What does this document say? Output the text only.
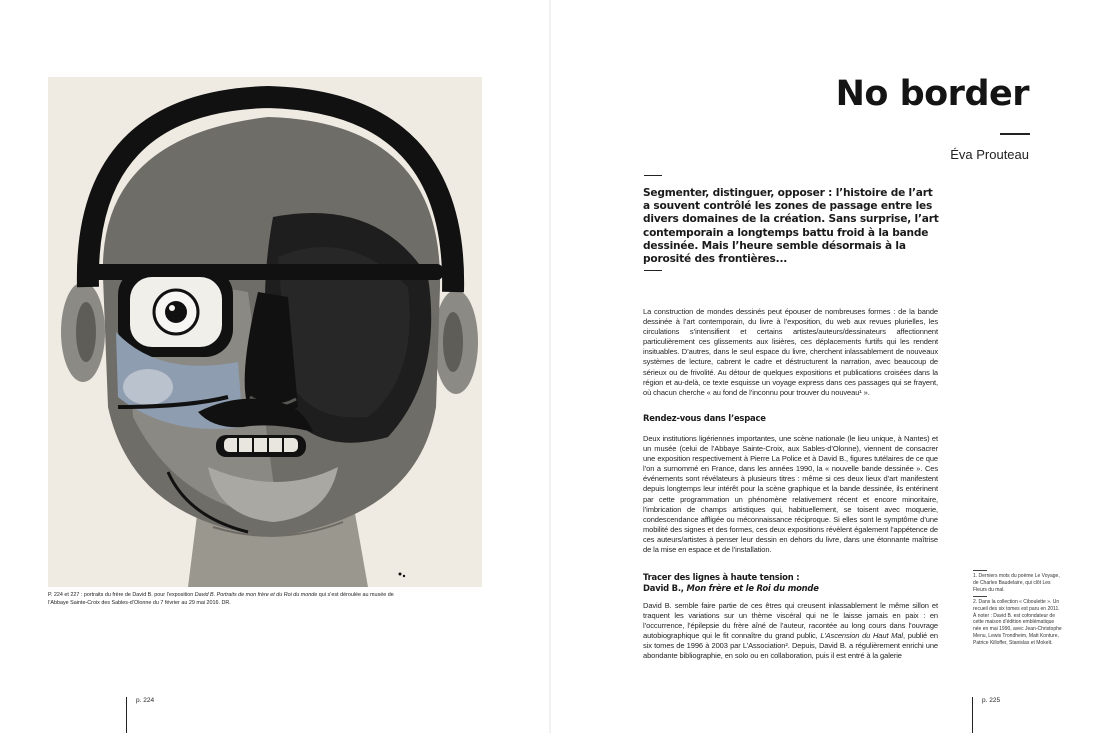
P. 224 et 227 : portraits du frère de David B. pour l’exposition David B. Portraits de mon frère et du Roi du monde qui s’est déroulée au musée de l’Abbaye Sainte-Croix des Sables-d’Olonne du 7 février au 29 mai 2016. DR.
p. 224
No border
Éva Prouteau
Segmenter, distinguer, opposer : l’histoire de l’art a souvent contrôlé les zones de passage entre les divers domaines de la création. Sans surprise, l’art contemporain a longtemps battu froid à la bande dessinée. Mais l’heure semble désormais à la porosité des frontières...
La construction de mondes dessinés peut épouser de nombreuses formes : de la bande dessinée à l’art contemporain, du livre à l’exposition, du web aux revues plurielles, les circulations s’intensifient et certains artistes/auteurs/dessinateurs affectionnent particulièrement ces glissements aux lisières, ces déplacements furtifs qui les rendent insituables. D’autres, dans le seul espace du livre, cherchent inlassablement de nouveaux systèmes de lecture, cabrent le cadre et déstructurent la narration, avec beaucoup de sérieux ou de frivolité. Au détour de quelques expositions et publications croisées dans la région et au-delà, ce texte esquisse un voyage express dans ces passages qui se frayent, où chacun cherche « au fond de l’inconnu pour trouver du nouveau¹ ».
Rendez-vous dans l’espace
Deux institutions ligériennes importantes, une scène nationale (le lieu unique, à Nantes) et un musée (celui de l’Abbaye Sainte-Croix, aux Sables-d’Olonne), viennent de consacrer une exposition respectivement à Pierre La Police et à David B., figures tutélaires de ce que l’on a surnommé en France, dans les années 1990, la « nouvelle bande dessinée ». Ces événements sont révélateurs à plusieurs titres : même si ces deux lieux d’art manifestent depuis longtemps leur intérêt pour la scène graphique et la bande dessinée, ils entérinent par cette programmation un phénomène relativement récent et encore minoritaire, l’imbrication de champs artistiques qui, habituellement, se toisent avec moquerie, condescendance affligée ou méconnaissance réciproque. Si elles sont le symptôme d’une mobilité des signes et des formes, ces deux expositions révèlent également l’appétence de ces auteurs/artistes à penser leur dessin en dehors du livre, dans une étonnante maîtrise de la mise en espace et de l’installation.
Tracer des lignes à haute tension :
David B., Mon frère et le Roi du monde
David B. semble faire partie de ces êtres qui creusent inlassablement le même sillon et traquent les variations sur un thème viscéral qui ne le laisse jamais en paix : en l’occurrence, l’épilepsie du frère aîné de l’auteur, racontée au long cours dans l’ouvrage autobiographique qui le fit connaître du grand public, L’Ascension du Haut Mal, publié en six tomes de 1996 à 2003 par L’Association². Depuis, David B. a régulièrement enrichi une abondante bibliographie, en solo ou en collaboration, puis il est entré à la galerie
1. Derniers mots du poème Le Voyage, de Charles Baudelaire, qui clôt Les Fleurs du mal.
2. Dans la collection « Ciboulette ». Un recueil des six tomes est paru en 2011. À noter : David B. est cofondateur de cette maison d’édition emblématique née en mai 1990, avec Jean-Christophe Menu, Lewis Trondheim, Matt Konture, Patrice Killoffer, Stanislas et Mokeït.
p. 225
